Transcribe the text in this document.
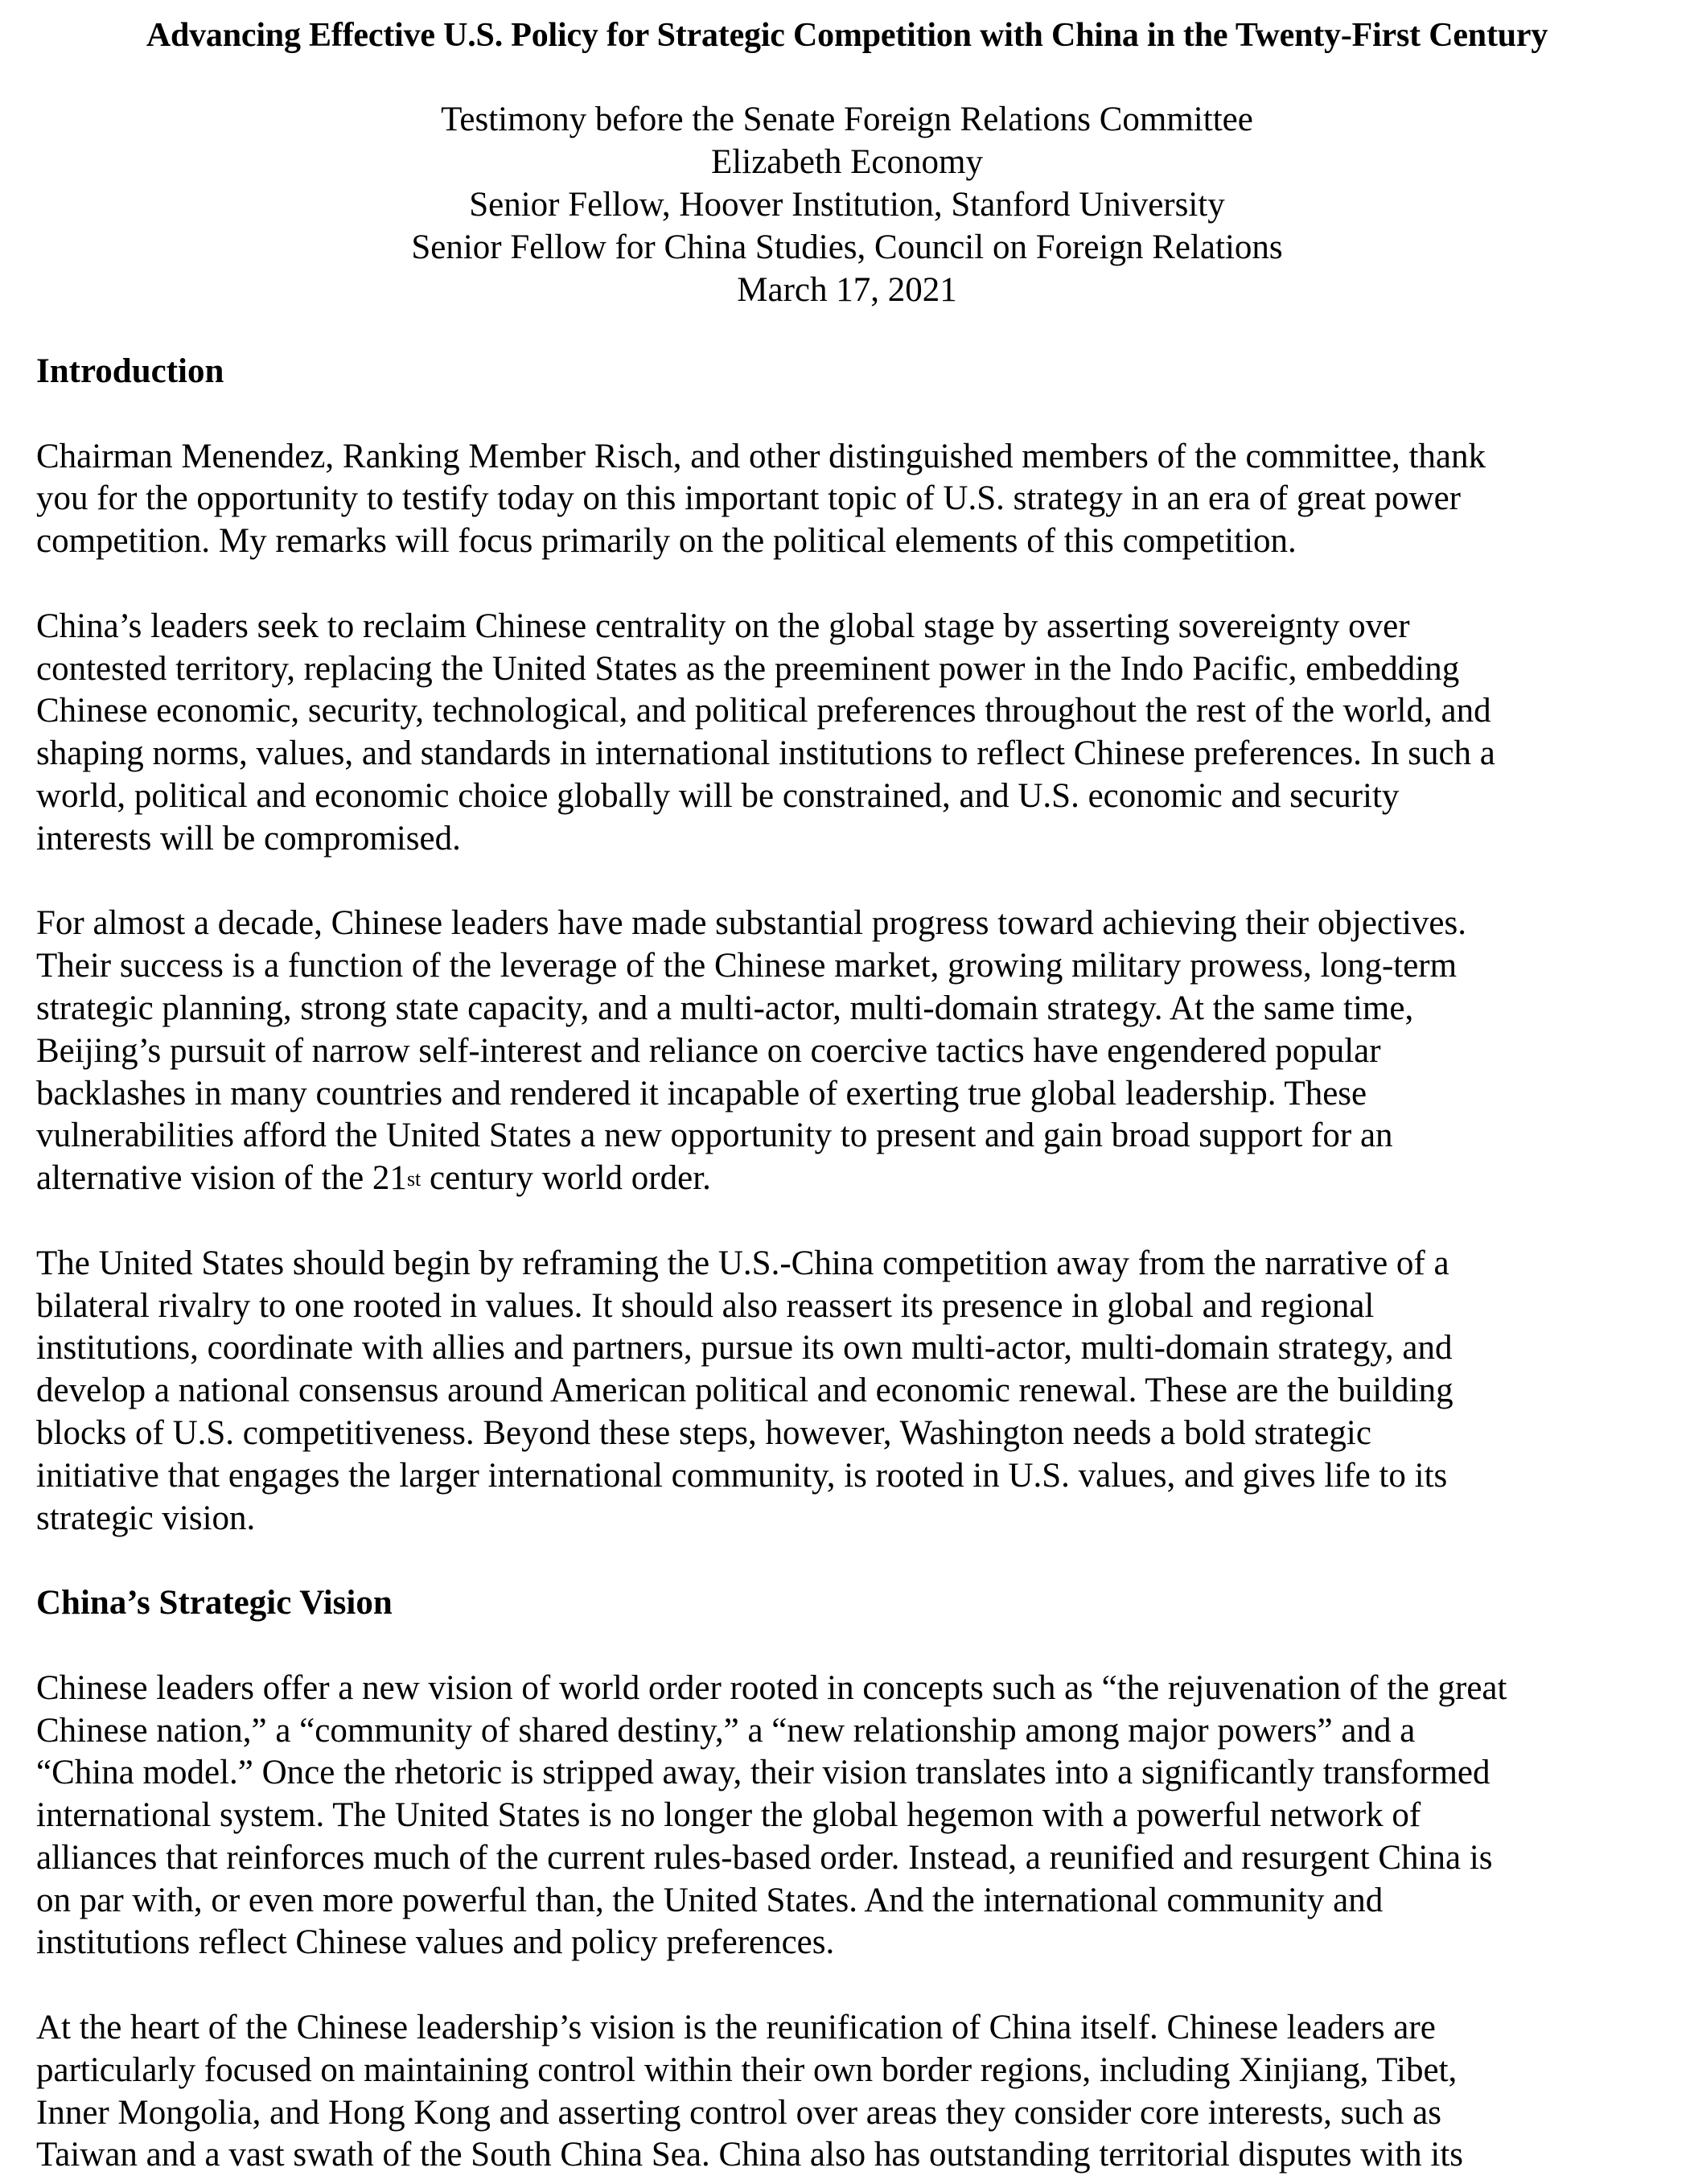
Advancing Effective U.S. Policy for Strategic Competition with China in the Twenty-First Century
Testimony before the Senate Foreign Relations Committee
Elizabeth Economy
Senior Fellow, Hoover Institution, Stanford University
Senior Fellow for China Studies, Council on Foreign Relations
March 17, 2021
Introduction
Chairman Menendez, Ranking Member Risch, and other distinguished members of the committee, thank
you for the opportunity to testify today on this important topic of U.S. strategy in an era of great power
competition. My remarks will focus primarily on the political elements of this competition.
China’s leaders seek to reclaim Chinese centrality on the global stage by asserting sovereignty over
contested territory, replacing the United States as the preeminent power in the Indo Pacific, embedding
Chinese economic, security, technological, and political preferences throughout the rest of the world, and
shaping norms, values, and standards in international institutions to reflect Chinese preferences. In such a
world, political and economic choice globally will be constrained, and U.S. economic and security
interests will be compromised.
For almost a decade, Chinese leaders have made substantial progress toward achieving their objectives.
Their success is a function of the leverage of the Chinese market, growing military prowess, long-term
strategic planning, strong state capacity, and a multi-actor, multi-domain strategy. At the same time,
Beijing’s pursuit of narrow self-interest and reliance on coercive tactics have engendered popular
backlashes in many countries and rendered it incapable of exerting true global leadership. These
vulnerabilities afford the United States a new opportunity to present and gain broad support for an
alternative vision of the 21st century world order.
The United States should begin by reframing the U.S.-China competition away from the narrative of a
bilateral rivalry to one rooted in values. It should also reassert its presence in global and regional
institutions, coordinate with allies and partners, pursue its own multi-actor, multi-domain strategy, and
develop a national consensus around American political and economic renewal. These are the building
blocks of U.S. competitiveness. Beyond these steps, however, Washington needs a bold strategic
initiative that engages the larger international community, is rooted in U.S. values, and gives life to its
strategic vision.
China’s Strategic Vision
Chinese leaders offer a new vision of world order rooted in concepts such as “the rejuvenation of the great
Chinese nation,” a “community of shared destiny,” a “new relationship among major powers” and a
“China model.” Once the rhetoric is stripped away, their vision translates into a significantly transformed
international system. The United States is no longer the global hegemon with a powerful network of
alliances that reinforces much of the current rules-based order. Instead, a reunified and resurgent China is
on par with, or even more powerful than, the United States. And the international community and
institutions reflect Chinese values and policy preferences.
At the heart of the Chinese leadership’s vision is the reunification of China itself. Chinese leaders are
particularly focused on maintaining control within their own border regions, including Xinjiang, Tibet,
Inner Mongolia, and Hong Kong and asserting control over areas they consider core interests, such as
Taiwan and a vast swath of the South China Sea. China also has outstanding territorial disputes with its
